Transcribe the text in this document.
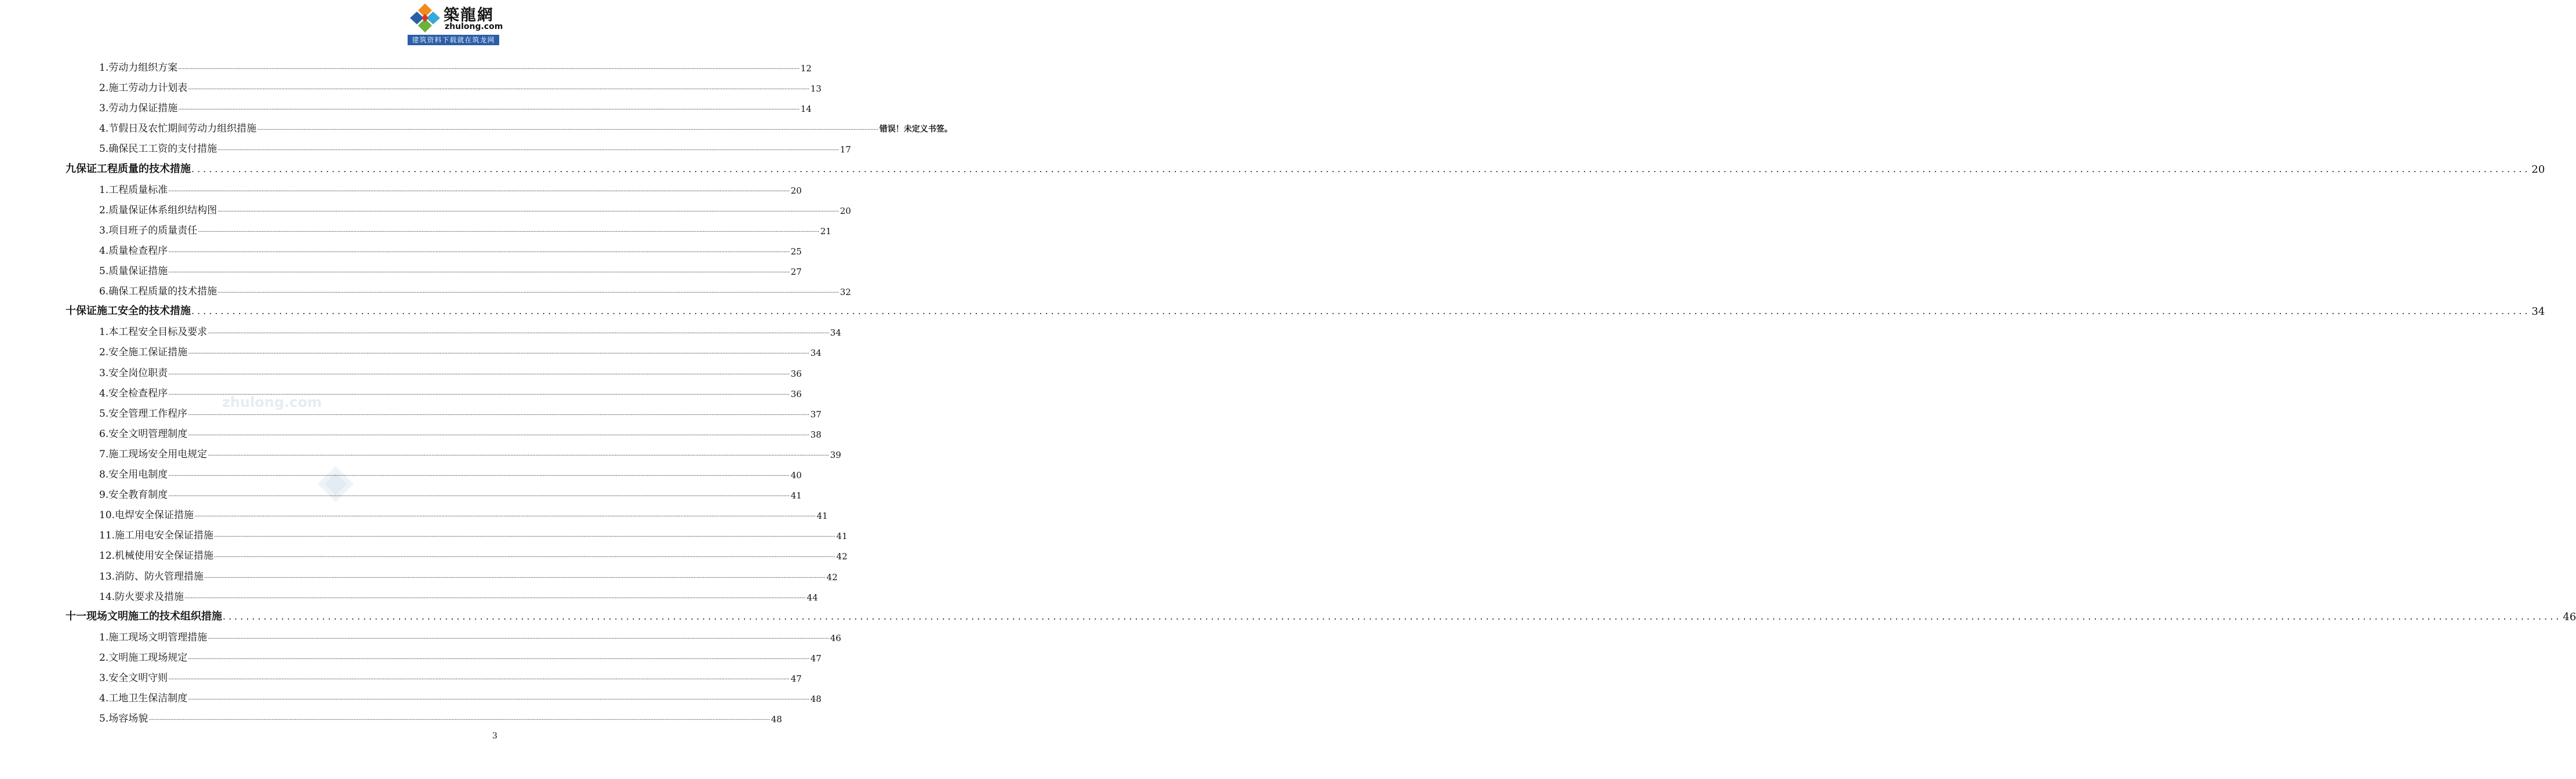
築龍網
zhulong.com
建筑资料下载就在筑龙网
zhulong.com
1. 劳动力组织方案 ................................................................................................................................................................................................................................................................................................................................................................................................................ 12
2. 施工劳动力计划表 ................................................................................................................................................................................................................................................................................................................................................................................................................ 13
3. 劳动力保证措施 ................................................................................................................................................................................................................................................................................................................................................................................................................ 14
4. 节假日及农忙期间劳动力组织措施 ................................................................................................................................................................................................................................................................................................................................................................................................................ 错误！未定义书签。
5. 确保民工工资的支付措施 ................................................................................................................................................................................................................................................................................................................................................................................................................ 17
九 保证工程质量的技术措施 ................................................................................................................................................................................................................................................................................................................................................................................................................ 20
1. 工程质量标准 ................................................................................................................................................................................................................................................................................................................................................................................................................ 20
2. 质量保证体系组织结构图 ................................................................................................................................................................................................................................................................................................................................................................................................................ 20
3. 项目班子的质量责任 ................................................................................................................................................................................................................................................................................................................................................................................................................ 21
4. 质量检查程序 ................................................................................................................................................................................................................................................................................................................................................................................................................ 25
5. 质量保证措施 ................................................................................................................................................................................................................................................................................................................................................................................................................ 27
6. 确保工程质量的技术措施 ................................................................................................................................................................................................................................................................................................................................................................................................................ 32
十 保证施工安全的技术措施 ................................................................................................................................................................................................................................................................................................................................................................................................................ 34
1. 本工程安全目标及要求 ................................................................................................................................................................................................................................................................................................................................................................................................................ 34
2. 安全施工保证措施 ................................................................................................................................................................................................................................................................................................................................................................................................................ 34
3. 安全岗位职责 ................................................................................................................................................................................................................................................................................................................................................................................................................ 36
4. 安全检查程序 ................................................................................................................................................................................................................................................................................................................................................................................................................ 36
5. 安全管理工作程序 ................................................................................................................................................................................................................................................................................................................................................................................................................ 37
6. 安全文明管理制度 ................................................................................................................................................................................................................................................................................................................................................................................................................ 38
7. 施工现场安全用电规定 ................................................................................................................................................................................................................................................................................................................................................................................................................ 39
8. 安全用电制度 ................................................................................................................................................................................................................................................................................................................................................................................................................ 40
9. 安全教育制度 ................................................................................................................................................................................................................................................................................................................................................................................................................ 41
10. 电焊安全保证措施 ................................................................................................................................................................................................................................................................................................................................................................................................................ 41
11. 施工用电安全保证措施 ................................................................................................................................................................................................................................................................................................................................................................................................................ 41
12. 机械使用安全保证措施 ................................................................................................................................................................................................................................................................................................................................................................................................................ 42
13. 消防、防火管理措施 ................................................................................................................................................................................................................................................................................................................................................................................................................ 42
14. 防火要求及措施 ................................................................................................................................................................................................................................................................................................................................................................................................................ 44
十一 现场文明施工的技术组织措施 ................................................................................................................................................................................................................................................................................................................................................................................................................ 46
1. 施工现场文明管理措施 ................................................................................................................................................................................................................................................................................................................................................................................................................ 46
2. 文明施工现场规定 ................................................................................................................................................................................................................................................................................................................................................................................................................ 47
3. 安全文明守则 ................................................................................................................................................................................................................................................................................................................................................................................................................ 47
4. 工地卫生保洁制度 ................................................................................................................................................................................................................................................................................................................................................................................................................ 48
5. 场容场貌 ................................................................................................................................................................................................................................................................................................................................................................................................................ 48
3
